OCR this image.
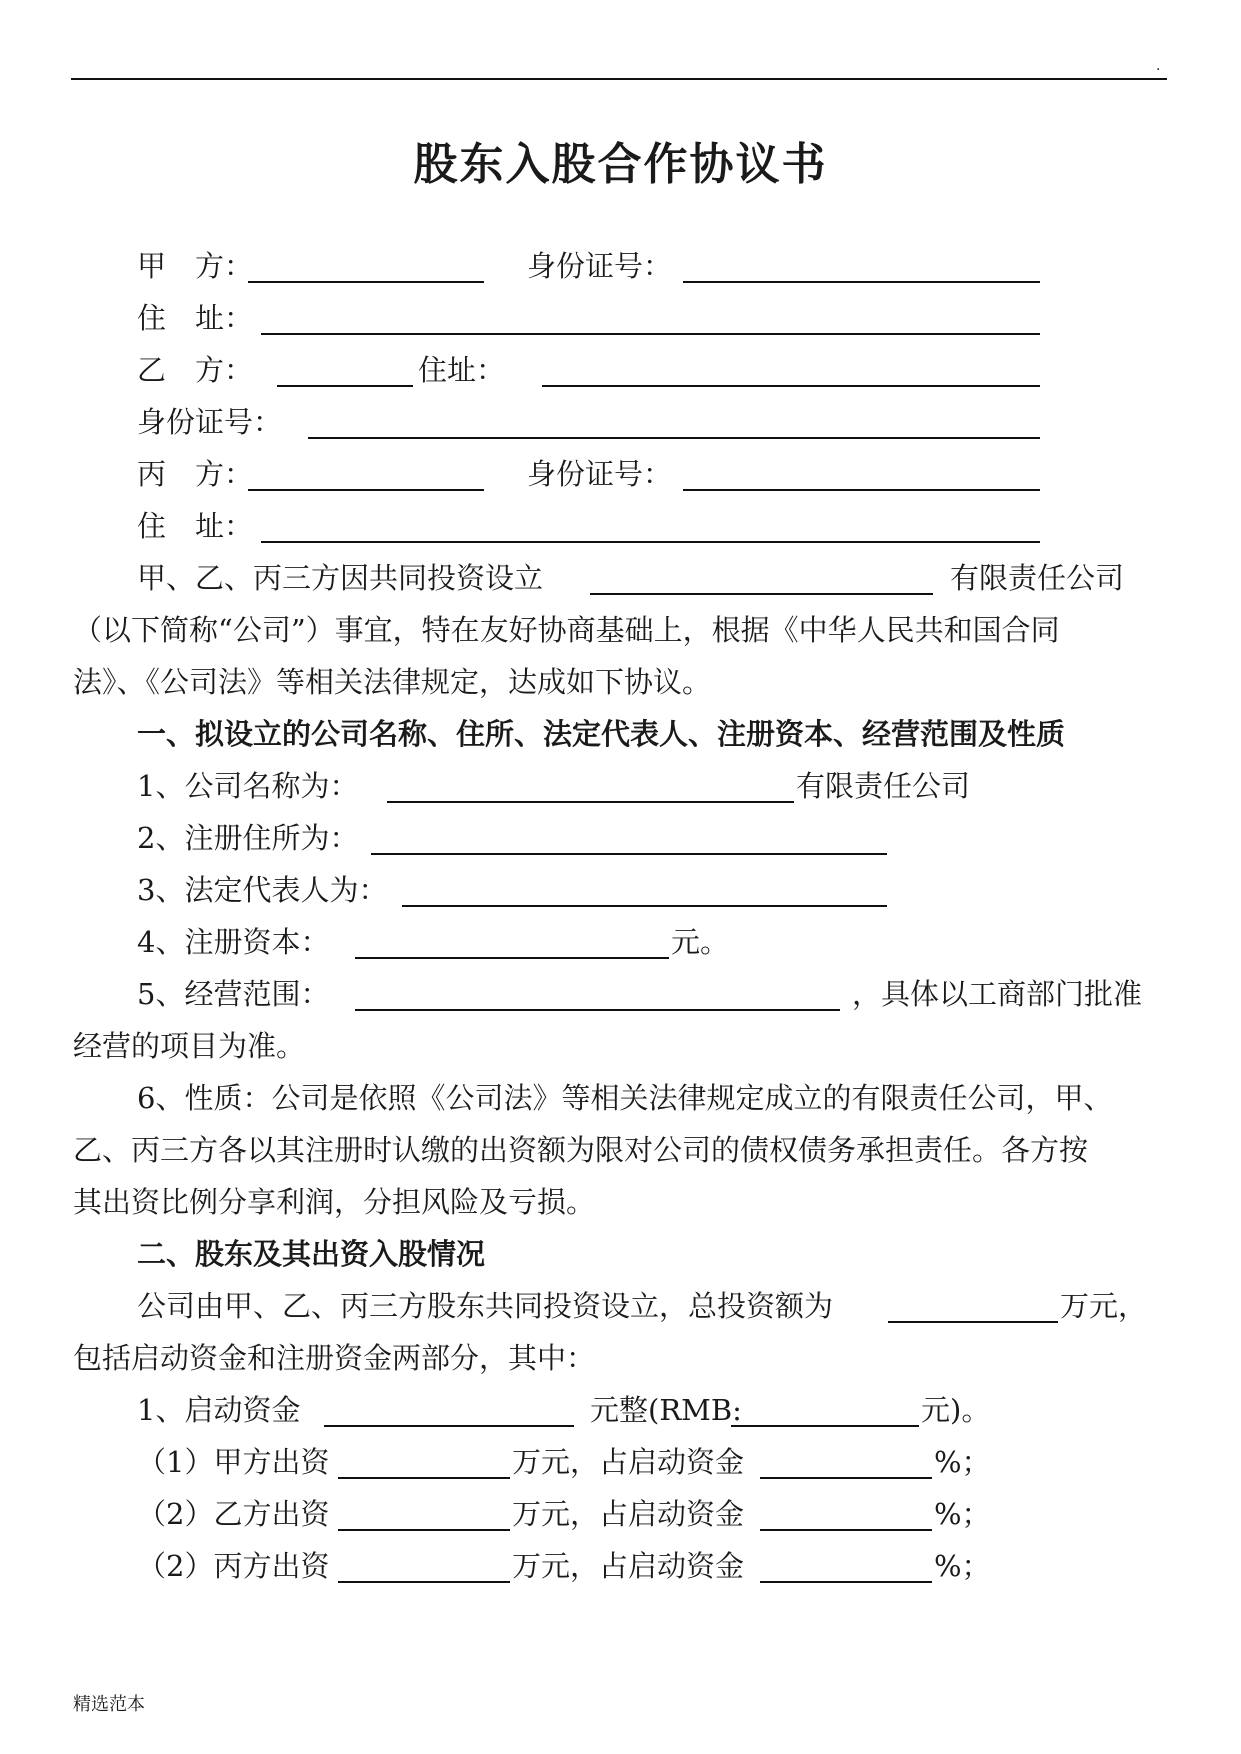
.
股东入股合作协议书
甲　方：	身份证号：
住　址：
乙　方：	住址：
身份证号：
丙　方：	身份证号：
住　址：
甲、乙、丙三方因共同投资设立	有限责任公司
（以下简称“公司”）事宜，特在友好协商基础上，根据《中华人民共和国合同
法》、《公司法》等相关法律规定，达成如下协议。
一、拟设立的公司名称、住所、法定代表人、注册资本、经营范围及性质
1、公司名称为：	有限责任公司
2、注册住所为：
3、法定代表人为：
4、注册资本：	元。
5、经营范围：	，具体以工商部门批准
经营的项目为准。
6、性质：公司是依照《公司法》等相关法律规定成立的有限责任公司，甲、
乙、丙三方各以其注册时认缴的出资额为限对公司的债权债务承担责任。各方按
其出资比例分享利润，分担风险及亏损。
二、股东及其出资入股情况
公司由甲、乙、丙三方股东共同投资设立，总投资额为	万元，
包括启动资金和注册资金两部分，其中：
1、启动资金	元整(RMB:	元)。
（1）甲方出资	万元，占启动资金	%；
（2）乙方出资	万元，占启动资金	%；
（2）丙方出资	万元，占启动资金	%；
精选范本
